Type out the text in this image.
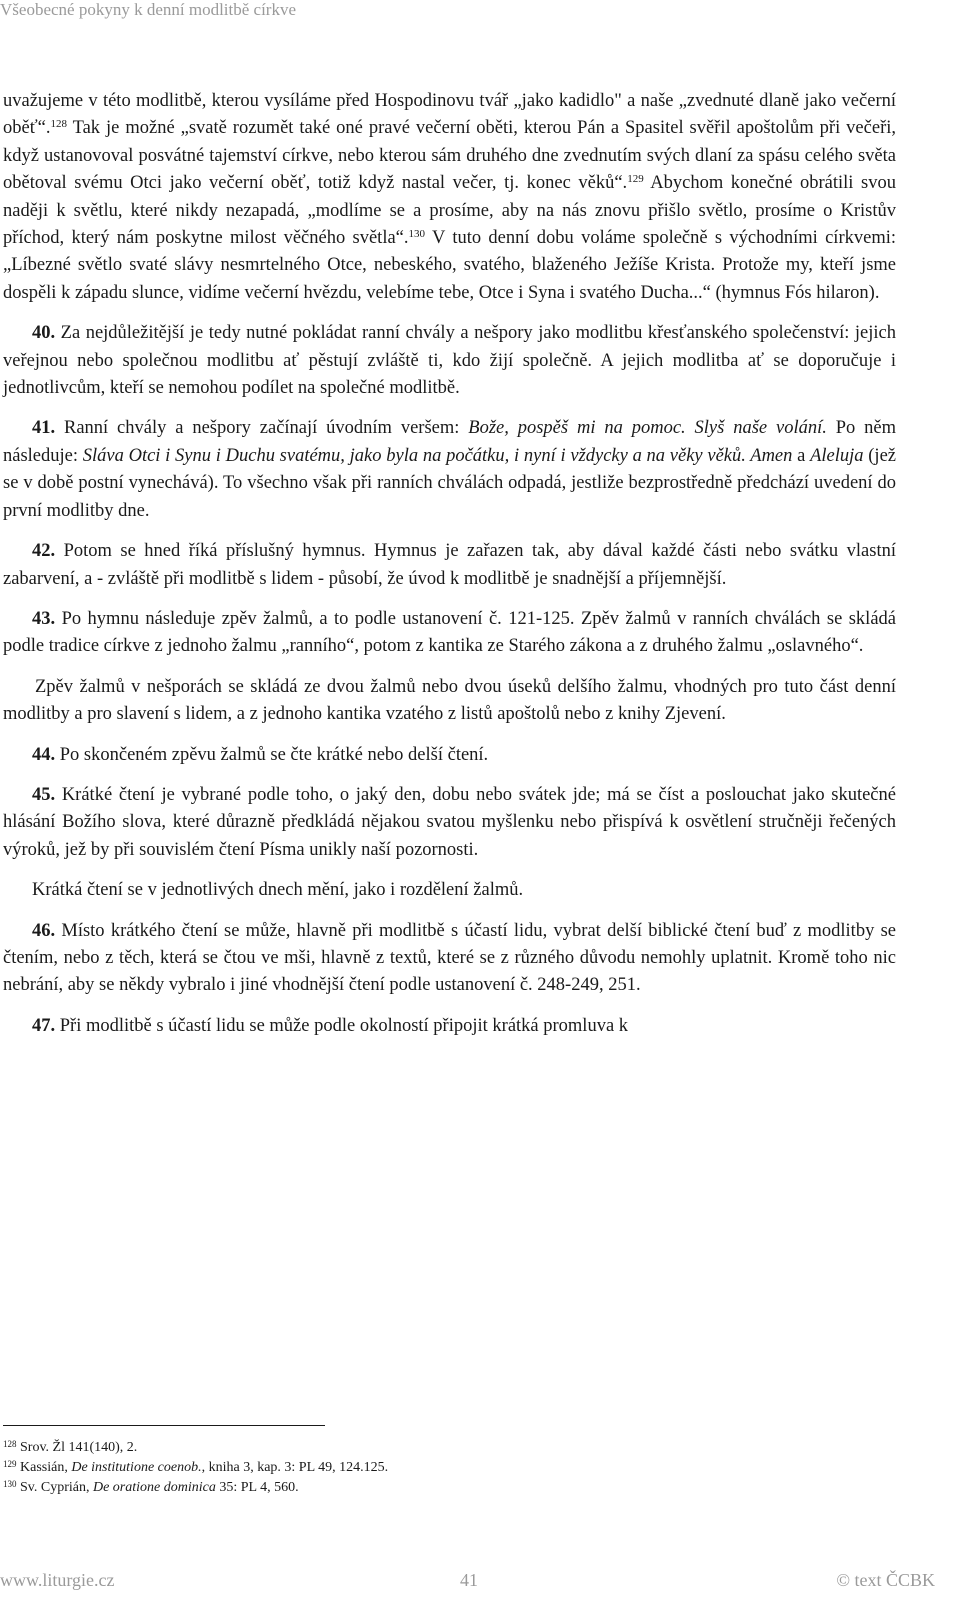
Všeobecné pokyny k denní modlitbě církve

uvažujeme v této modlitbě, kterou vysíláme před Hospodinovu tvář „jako kadidlo" a naše „zvednuté dlaně jako večerní oběť“.$^{128}$ Tak je možné „svatě rozumět také oné pravé večerní oběti, kterou Pán a Spasitel svěřil apoštolům při večeři, když ustanovoval posvátné tajemství církve, nebo kterou sám druhého dne zvednutím svých dlaní za spásu celého světa obětoval svému Otci jako večerní oběť, totiž když nastal večer, tj. konec věků“.$^{129}$ Abychom konečné obrátili svou naději k světlu, které nikdy nezapadá, „modlíme se a prosíme, aby na nás znovu přišlo světlo, prosíme o Kristův příchod, který nám poskytne milost věčného světla“.$^{130}$ V tuto denní dobu voláme společně s východními církvemi: „Líbezné světlo svaté slávy nesmrtelného Otce, nebeského, svatého, blaženého Ježíše Krista. Protože my, kteří jsme dospěli k západu slunce, vidíme večerní hvězdu, velebíme tebe, Otce i Syna i svatého Ducha...“ (hymnus Fós hilaron).

40. Za nejdůležitější je tedy nutné pokládat ranní chvály a nešpory jako modlitbu křesťanského společenství: jejich veřejnou nebo společnou modlitbu ať pěstují zvláště ti, kdo žijí společně. A jejich modlitba ať se doporučuje i jednotlivcům, kteří se nemohou podílet na společné modlitbě.

41. Ranní chvály a nešpory začínají úvodním veršem: Bože, pospěš mi na pomoc. Slyš naše volání. Po něm následuje: Sláva Otci i Synu i Duchu svatému, jako byla na počátku, i nyní i vždycky a na věky věků. Amen a Aleluja (jež se v době postní vynechává). To všechno však při ranních chválách odpadá, jestliže bezprostředně předchází uvedení do první modlitby dne.

42. Potom se hned říká příslušný hymnus. Hymnus je zařazen tak, aby dával každé části nebo svátku vlastní zabarvení, a - zvláště při modlitbě s lidem - působí, že úvod k modlitbě je snadnější a příjemnější.

43. Po hymnu následuje zpěv žalmů, a to podle ustanovení č. 121-125. Zpěv žalmů v ranních chválách se skládá podle tradice církve z jednoho žalmu „ranního“, potom z kantika ze Starého zákona a z druhého žalmu „oslavného“.

Zpěv žalmů v nešporách se skládá ze dvou žalmů nebo dvou úseků delšího žalmu, vhodných pro tuto část denní modlitby a pro slavení s lidem, a z jednoho kantika vzatého z listů apoštolů nebo z knihy Zjevení.

44. Po skončeném zpěvu žalmů se čte krátké nebo delší čtení.

45. Krátké čtení je vybrané podle toho, o jaký den, dobu nebo svátek jde; má se číst a poslouchat jako skutečné hlásání Božího slova, které důrazně předkládá nějakou svatou myšlenku nebo přispívá k osvětlení stručněji řečených výroků, jež by při souvislém čtení Písma unikly naší pozornosti.

Krátká čtení se v jednotlivých dnech mění, jako i rozdělení žalmů.

46. Místo krátkého čtení se může, hlavně při modlitbě s účastí lidu, vybrat delší biblické čtení buď z modlitby se čtením, nebo z těch, která se čtou ve mši, hlavně z textů, které se z různého důvodu nemohly uplatnit. Kromě toho nic nebrání, aby se někdy vybralo i jiné vhodnější čtení podle ustanovení č. 248-249, 251.

47. Při modlitbě s účastí lidu se může podle okolností připojit krátká promluva k

$^{128}$ Srov. Žl 141(140), 2.

$^{129}$ Kassián, De institutione coenob., kniha 3, kap. 3: PL 49, 124.125.

$^{130}$ Sv. Cyprián, De oratione dominica 35: PL 4, 560.

www.liturgie.cz	41	© text ČCBK
